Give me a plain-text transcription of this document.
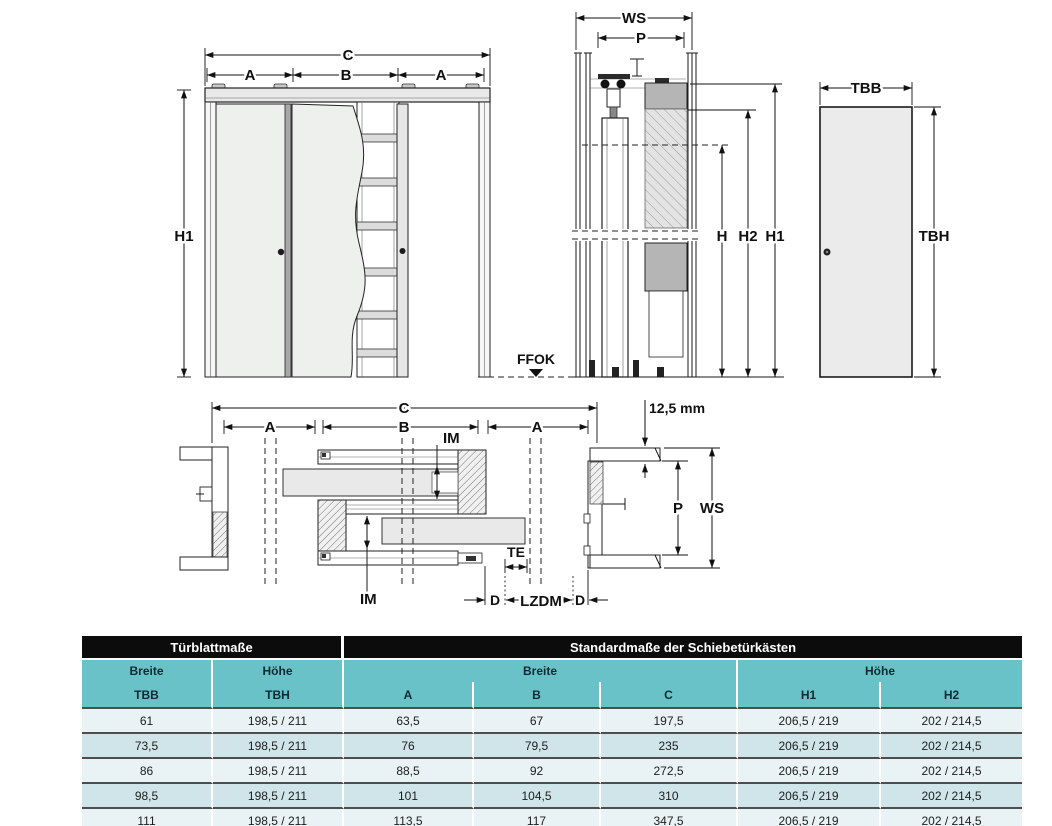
C
A	B	A
H1
WS
P
FFOK
H H2 H1
TBB
TBH
C
A	B	A
12,5 mm
IM
IM
TE
D LZDM D
P WS
Türblattmaße		Standardmaße der Schiebetürkästen				
Breite	Höhe	Breite			Höhe	
TBB	TBH	A	B	C	H1	H2
61	198,5 / 211	63,5	67	197,5	206,5 / 219	202 / 214,5
73,5	198,5 / 211	76	79,5	235	206,5 / 219	202 / 214,5
86	198,5 / 211	88,5	92	272,5	206,5 / 219	202 / 214,5
98,5	198,5 / 211	101	104,5	310	206,5 / 219	202 / 214,5
111	198,5 / 211	113,5	117	347,5	206,5 / 219	202 / 214,5
